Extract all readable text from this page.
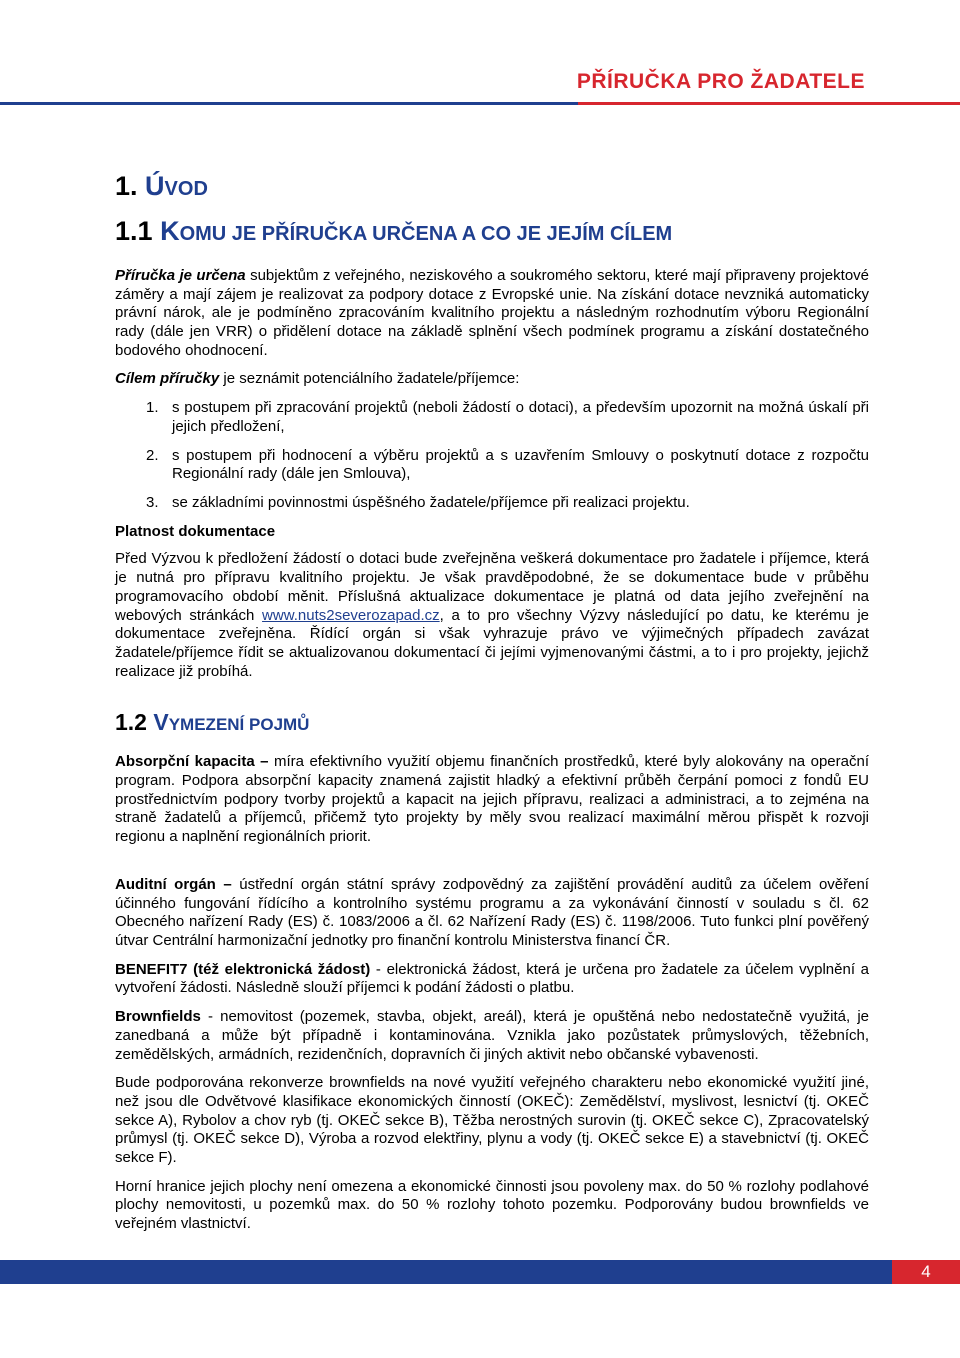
PŘÍRUČKA PRO ŽADATELE
1. ÚVOD
1.1 KOMU JE PŘÍRUČKA URČENA A CO JE JEJÍM CÍLEM

Příručka je určena subjektům z veřejného, neziskového a soukromého sektoru, které mají připraveny projektové záměry a mají zájem je realizovat za podpory dotace z Evropské unie. Na získání dotace nevzniká automaticky právní nárok, ale je podmíněno zpracováním kvalitního projektu a následným rozhodnutím výboru Regionální rady (dále jen VRR) o přidělení dotace na základě splnění všech podmínek programu a získání dostatečného bodového ohodnocení.

Cílem příručky je seznámit potenciálního žadatele/příjemce:

1. s postupem při zpracování projektů (neboli žádostí o dotaci), a především upozornit na možná úskalí při jejich předložení,
2. s postupem při hodnocení a výběru projektů a s uzavřením Smlouvy o poskytnutí dotace z rozpočtu Regionální rady (dále jen Smlouva),
3. se základními povinnostmi úspěšného žadatele/příjemce při realizaci projektu.

Platnost dokumentace

Před Výzvou k předložení žádostí o dotaci bude zveřejněna veškerá dokumentace pro žadatele i příjemce, která je nutná pro přípravu kvalitního projektu. Je však pravděpodobné, že se dokumentace bude v průběhu programovacího období měnit. Příslušná aktualizace dokumentace je platná od data jejího zveřejnění na webových stránkách www.nuts2severozapad.cz, a to pro všechny Výzvy následující po datu, ke kterému je dokumentace zveřejněna. Řídící orgán si však vyhrazuje právo ve výjimečných případech zavázat žadatele/příjemce řídit se aktualizovanou dokumentací či jejími vyjmenovanými částmi, a to i pro projekty, jejichž realizace již probíhá.

1.2 VYMEZENÍ POJMŮ

Absorpční kapacita – míra efektivního využití objemu finančních prostředků, které byly alokovány na operační program. Podpora absorpční kapacity znamená zajistit hladký a efektivní průběh čerpání pomoci z fondů EU prostřednictvím podpory tvorby projektů a kapacit na jejich přípravu, realizaci a administraci, a to zejména na straně žadatelů a příjemců, přičemž tyto projekty by měly svou realizací maximální měrou přispět k rozvoji regionu a naplnění regionálních priorit.

Auditní orgán – ústřední orgán státní správy zodpovědný za zajištění provádění auditů za účelem ověření účinného fungování řídícího a kontrolního systému programu a za vykonávání činností v souladu s čl. 62 Obecného nařízení Rady (ES) č. 1083/2006 a čl. 62 Nařízení Rady (ES) č. 1198/2006. Tuto funkci plní pověřený útvar Centrální harmonizační jednotky pro finanční kontrolu Ministerstva financí ČR.

BENEFIT7 (též elektronická žádost) - elektronická žádost, která je určena pro žadatele za účelem vyplnění a vytvoření žádosti. Následně slouží příjemci k podání žádosti o platbu.

Brownfields - nemovitost (pozemek, stavba, objekt, areál), která je opuštěná nebo nedostatečně využitá, je zanedbaná a může být případně i kontaminována. Vznikla jako pozůstatek průmyslových, těžebních, zemědělských, armádních, rezidenčních, dopravních či jiných aktivit nebo občanské vybavenosti.

Bude podporována rekonverze brownfields na nové využití veřejného charakteru nebo ekonomické využití jiné, než jsou dle Odvětvové klasifikace ekonomických činností (OKEČ): Zemědělství, myslivost, lesnictví (tj. OKEČ sekce A), Rybolov a chov ryb (tj. OKEČ sekce B), Těžba nerostných surovin (tj. OKEČ sekce C), Zpracovatelský průmysl (tj. OKEČ sekce D), Výroba a rozvod elektřiny, plynu a vody (tj. OKEČ sekce E) a stavebnictví (tj. OKEČ sekce F).

Horní hranice jejich plochy není omezena a ekonomické činnosti jsou povoleny max. do 50 % rozlohy podlahové plochy nemovitosti, u pozemků max. do 50 % rozlohy tohoto pozemku. Podporovány budou brownfields ve veřejném vlastnictví.

4
